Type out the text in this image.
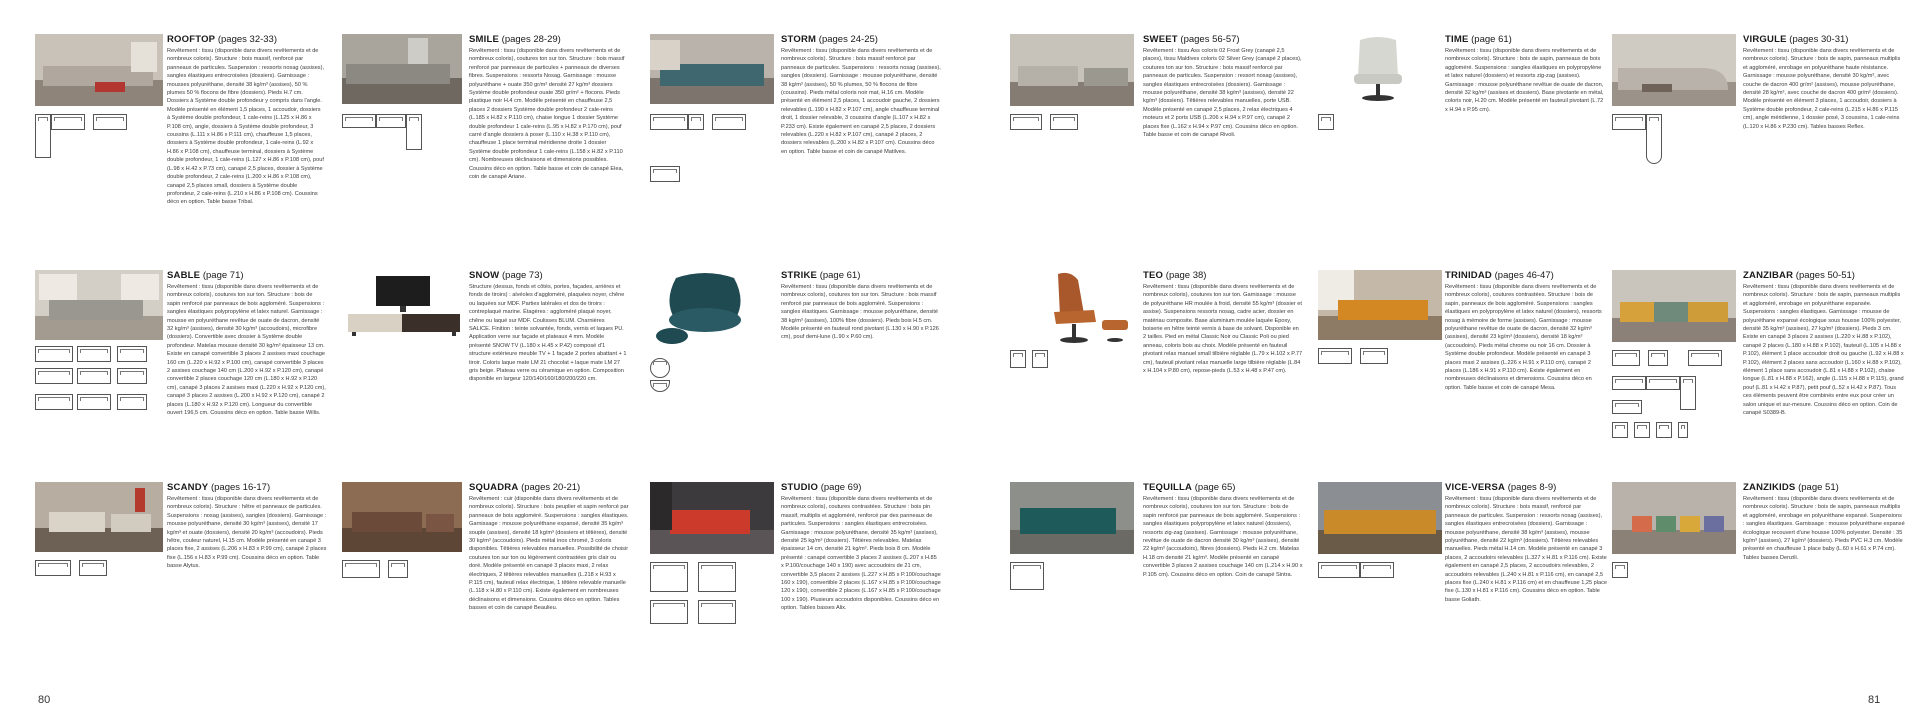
ROOFTOP (pages 32-33)
Revêtement : tissu (disponible dans divers revêtements et de nombreux coloris). Structure : bois massif, renforcé par panneaux de particules. Suspension : ressorts nosag (assises), sangles élastiques entrecroisées (dossiers). Garnissage : mousses polyuréthane, densité 38 kg/m³ (assises), 50 % plumes 50 % flocons de fibre (dossiers). Pieds H.7 cm. Dossiers à Système double profondeur y compris dans l'angle. Modèle présenté en élément 1,5 places, 1 accoudoir, dossiers à Système double profondeur, 1 cale-reins (L.125 x H.86 x P.108 cm), angle, dossiers à Système double profondeur, 3 coussins (L.111 x H.86 x P.111 cm), chauffeuse 1,5 places, dossiers à Système double profondeur, 1 cale-reins (L.92 x H.86 x P.108 cm), chauffeuse terminal, dossiers à Système double profondeur, 1 cale-reins (L.127 x H.86 x P.108 cm), pouf (L.98 x H.42 x P.73 cm), canapé 2,5 places, dossier à Système double profondeur, 2 cale-reins (L.200 x H.86 x P.108 cm), canapé 2,5 places small, dossiers à Système double profondeur, 2 cale-reins (L.210 x H.86 x P.108 cm). Coussins déco en option. Table basse Tribal.
SMILE (pages 28-29)
Revêtement : tissu (disponible dans divers revêtements et de nombreux coloris), coutures ton sur ton. Structure : bois massif renforcé par panneaux de particules + panneaux de diverses fibres. Suspensions : ressorts Nosag. Garnissage : mousse polyuréthane + ouate 350 gr/m² densité 27 kg/m³ dossiers Système double profondeur ouate 350 gr/m² + flocons. Pieds plastique noir H.4 cm. Modèle présenté en chauffeuse 2,5 places 2 dossiers Système double profondeur 2 cale-reins (L.185 x H.82 x P.110 cm), chaise longue 1 dossier Système double profondeur 1 cale-reins (L.95 x H.82 x P.170 cm), pouf carré d'angle dossiers à poser (L.110 x H.38 x P.110 cm), chauffeuse 1 place terminal méridienne droite 1 dossier Système double profondeur 1 cale-reins (L.158 x H.82 x P.110 cm). Nombreuses déclinaisons et dimensions possibles. Coussins déco en option. Table basse et coin de canapé Elea, coin de canapé Ariane.
STORM (pages 24-25)
Revêtement : tissu (disponible dans divers revêtements et de nombreux coloris). Structure : bois massif renforcé par panneaux de particules. Suspensions : ressorts nosag (assises), sangles (dossiers). Garnissage : mousse polyuréthane, densité 38 kg/m³ (assises), 50 % plumes, 50 % flocons de fibre (coussins). Pieds métal coloris noir mat, H.16 cm. Modèle présenté en élément 2,5 places, 1 accoudoir gauche, 2 dossiers relevables (L.190 x H.82 x P.107 cm), angle chauffeuse terminal droit, 1 dossier relevable, 3 coussins d'angle (L.107 x H.82 x P.233 cm). Existe également en canapé 2,5 places, 2 dossiers relevables (L.220 x H.82 x P.107 cm), canapé 2 places, 2 dossiers relevables (L.200 x H.82 x P.107 cm). Coussins déco en option. Table basse et coin de canapé Matilves.
SWEET (pages 56-57)
Revêtement : tissu Ass coloris 02 Frost Grey (canapé 2,5 places), tissu Maldives coloris 02 Silver Grey (canapé 2 places), coutures ton sur ton. Structure : bois massif renforcé par panneaux de particules. Suspension : ressort nosag (assises), sangles élastiques entrecroisées (dossiers). Garnissage : mousse polyuréthane, densité 38 kg/m³ (assises), densité 22 kg/m³ (dossiers). Têtières relevables manuelles, porte USB. Modèle présenté en canapé 2,5 places, 2 relax électriques 4 moteurs et 2 ports USB (L.206 x H.94 x P.97 cm), canapé 2 places fixe (L.162 x H.94 x P.97 cm). Coussins déco en option. Table basse et coin de canapé Rivoli.
TIME (page 61)
Revêtement : tissu (disponible dans divers revêtements et de nombreux coloris). Structure : bois de sapin, panneaux de bois aggloméré. Suspensions : sangles élastiques en polypropylène et latex naturel (dossiers) et ressorts zig-zag (assises). Garnissage : mousse polyuréthane revêtue de ouate de dacron, densité 32 kg/m³ (assises et dossiers). Base pivotante en métal, coloris noir, H.20 cm. Modèle présenté en fauteuil pivotant (L.72 x H.94 x P.95 cm).
VIRGULE (pages 30-31)
Revêtement : tissu (disponible dans divers revêtements et de nombreux coloris). Structure : bois de sapin, panneaux multiplis et aggloméré, enrobage en polyuréthane haute résistance. Garnissage : mousse polyuréthane, densité 30 kg/m³, avec couche de dacron 400 gr/m² (assises), mousse polyuréthane, densité 28 kg/m³, avec couche de dacron 400 gr/m² (dossiers). Modèle présenté en élément 3 places, 1 accoudoir, dossiers à Système double profondeur, 2 cale-reins (L.215 x H.86 x P.115 cm), angle méridienne, 1 dossier posé, 3 coussins, 1 cale-reins (L.120 x H.86 x P.230 cm). Tables basses Reflex.
SABLE (page 71)
Revêtement : tissu (disponible dans divers revêtements et de nombreux coloris), coutures ton sur ton. Structure : bois de sapin renforcé par panneaux de bois aggloméré. Suspensions : sangles élastiques polypropylène et latex naturel. Garnissage : mousse en polyuréthane revêtue de ouate de dacron, densité 32 kg/m³ (assises), densité 30 kg/m³ (accoudoirs), microfibre (dossiers). Convertible avec dossier à Système double profondeur. Matelas mousse densité 30 kg/m³ épaisseur 13 cm. Existe en canapé convertible 3 places 2 assises maxi couchage 160 cm (L.220 x H.92 x P.100 cm), canapé convertible 3 places 2 assises couchage 140 cm (L.200 x H.92 x P.120 cm), canapé convertible 2 places couchage 120 cm (L.180 x H.92 x P.120 cm), canapé 3 places 2 assises maxi (L.220 x H.92 x P.120 cm), canapé 3 places 2 assises (L.200 x H.92 x P.120 cm), canapé 2 places (L.180 x H.92 x P.120 cm). Longueur du convertible ouvert 196,5 cm. Coussins déco en option. Table basse Willis.
SNOW (page 73)
Structure (dessus, fonds et côtés, portes, façades, arrières et fonds de tiroirs) : alvéoles d'aggloméré, plaquées noyer, chêne ou laquées sur MDF. Parties latérales et dos de tiroirs : contreplaqué marine. Étagères : aggloméré plaqué noyer, chêne ou laqué sur MDF. Coulisses BLUM. Charnières SALICE. Finition : teinte solvantée, fonds, vernis et laques PU. Application verre sur façade et plateaux 4 mm. Modèle présenté SNOW TV (L.180 x H.45 x P.42) composé d'1 structure extérieure meuble TV + 1 façade 2 portes abattant + 1 tiroir. Coloris laque mate LM 21 chocolat + laque mate LM 27 gris beige. Plateau verre ou céramique en option. Composition disponible en largeur 120/140/160/180/200/220 cm.
STRIKE (page 61)
Revêtement : tissu (disponible dans divers revêtements et de nombreux coloris), coutures ton sur ton. Structure : bois massif renforcé par panneaux de bois aggloméré. Suspensions : sangles élastiques. Garnissage : mousse polyuréthane, densité 38 kg/m³ (assises), 100% fibre (dossiers). Pieds bois H.5 cm. Modèle présenté en fauteuil rond pivotant (L.130 x H.90 x P.126 cm), pouf demi-lune (L.90 x P.60 cm).
TEO (page 38)
Revêtement : tissu (disponible dans divers revêtements et de nombreux coloris), coutures ton sur ton. Garnissage : mousse de polyuréthane HR moulée à froid, densité 55 kg/m³ (dossier et assise). Suspensions ressorts nosag, cadre acier, dossier en matériau composite. Base aluminium moulée laquée Epoxy, boiserie en hêtre teinté vernis à base de solvant. Disponible en 2 tailles. Pied en métal Classic Noir ou Classic Poli ou pied anneau, coloris bois au choix. Modèle présenté en fauteuil pivotant relax manuel small tilbière réglable (L.79 x H.102 x P.77 cm), fauteuil pivotant relax manuelle large tilbière réglable (L.84 x H.104 x P.80 cm), repose-pieds (L.53 x H.48 x P.47 cm).
TRINIDAD (pages 46-47)
Revêtement : tissu (disponible dans divers revêtements et de nombreux coloris), coutures contrastées. Structure : bois de sapin, panneaux de bois aggloméré. Suspensions : sangles élastiques en polypropylène et latex naturel (dossiers), ressorts nosag à mémoire de forme (assises). Garnissage : mousse polyuréthane revêtue de ouate de dacron, densité 32 kg/m³ (assises), densité 23 kg/m³ (dossiers), densité 18 kg/m³ (accoudoirs). Pieds métal chrome ou noir 16 cm. Dossier à Système double profondeur. Modèle présenté en canapé 3 places maxi 2 assises (L.226 x H.91 x P.110 cm), canapé 2 places (L.186 x H.91 x P.110 cm). Existe également en nombreuses déclinaisons et dimensions. Coussins déco en option. Table basse et coin de canapé Mesa.
ZANZIBAR (pages 50-51)
Revêtement : tissu (disponible dans divers revêtements et de nombreux coloris). Structure : bois de sapin, panneaux multiplis et aggloméré, enrobage en polyuréthane expansée. Suspensions : sangles élastiques. Garnissage : mousse de polyuréthane expansé écologique sous housse 100% polyester, densité 35 kg/m³ (assises), 27 kg/m³ (dossiers). Pieds 3 cm. Existe en canapé 3 places 2 assises (L.220 x H.88 x P.102), canapé 2 places (L.180 x H.88 x P.102), fauteuil (L.105 x H.88 x P.102), élément 1 place accoudoir droit ou gauche (L.92 x H.88 x P.102), élément 2 places sans accoudoir (L.160 x H.88 x P.102), élément 1 place sans accoudoir (L.81 x H.88 x P.102), chaise longue (L.81 x H.88 x P.162), angle (L.115 x H.88 x P.115), grand pouf (L.81 x H.42 x P.87), petit pouf (L.52 x H.42 x P.87). Tous ces éléments peuvent être combinés entre eux pour créer un salon unique et sur-mesure. Coussins déco en option. Coin de canapé S0389-B.
SCANDY (pages 16-17)
Revêtement : tissu (disponible dans divers revêtements et de nombreux coloris). Structure : hêtre et panneaux de particules. Suspensions : nosag (assises), sangles (dossiers). Garnissage : mousse polyuréthane, densité 30 kg/m³ (assises), densité 17 kg/m³ et ouate (dossiers), densité 20 kg/m³ (accoudoirs). Pieds hêtre, couleur naturel, H.15 cm. Modèle présenté en canapé 3 places fixe, 2 assises (L.206 x H.83 x P.99 cm), canapé 2 places fixe (L.156 x H.83 x P.99 cm). Coussins déco en option. Table basse Alytus.
SQUADRA (pages 20-21)
Revêtement : cuir (disponible dans divers revêtements et de nombreux coloris). Structure : bois peuplier et sapin renforcé par panneaux de bois aggloméré. Suspensions : sangles élastiques. Garnissage : mousse polyuréthane expansé, densité 35 kg/m³ souple (assises), densité 18 kg/m³ (dossiers et têtières), densité 30 kg/m³ (accoudoirs). Pieds métal inox chromé, 3 coloris disponibles. Têtières relevables manuelles. Possibilité de choisir coutures ton sur ton ou légèrement contrastées gris clair ou doré. Modèle présenté en canapé 3 places maxi, 2 relax électriques, 2 têtières relevables manuelles (L.218 x H.93 x P.115 cm), fauteuil relax électrique, 1 têtière relevable manuelle (L.118 x H.80 x P.110 cm). Existe également en nombreuses déclinaisons et dimensions. Coussins déco en option. Tables basses et coin de canapé Beaulieu.
STUDIO (page 69)
Revêtement : tissu (disponible dans divers revêtements et de nombreux coloris), coutures contrastées. Structure : bois pin massif, multiplis et aggloméré, renforcé par des panneaux de particules. Suspensions : sangles élastiques entrecroisées. Garnissage : mousse polyuréthane, densité 35 kg/m³ (assises), densité 25 kg/m³ (dossiers). Têtières relevables. Matelas épaisseur 14 cm, densité 21 kg/m³. Pieds bois 8 cm. Modèle présenté : canapé convertible 3 places 2 assises (L.207 x H.85 x P.100/couchage 140 x 190) avec accoudoirs de 21 cm, convertible 3,5 places 2 assises (L.227 x H.85 x P.100/couchage 160 x 190), convertible 2 places (L.167 x H.85 x P.100/couchage 120 x 190), convertible 2 places (L.167 x H.85 x P.100/couchage 100 x 190). Plusieurs accoudoirs disponibles. Coussins déco en option. Tables basses Alix.
TEQUILLA (page 65)
Revêtement : tissu (disponible dans divers revêtements et de nombreux coloris), coutures ton sur ton. Structure : bois de sapin renforcé par panneaux de bois aggloméré. Suspensions : sangles élastiques polypropylène et latex naturel (dossiers), ressorts zig-zag (assises). Garnissage : mousse polyuréthane, revêtue de ouate de dacron densité 30 kg/m³ (assises), densité 22 kg/m³ (accoudoirs), fibres (dossiers). Pieds H.2 cm. Matelas H.18 cm densité 21 kg/m³. Modèle présenté en canapé convertible 3 places 2 assises couchage 140 cm (L.214 x H.90 x P.105 cm). Coussins déco en option. Coin de canapé Sintra.
VICE-VERSA (pages 8-9)
Revêtement : tissu (disponible dans divers revêtements et de nombreux coloris). Structure : bois massif, renforcé par panneaux de particules. Suspension : ressorts nosag (assises), sangles élastiques entrecroisées (dossiers). Garnissage : mousse polyuréthane, densité 38 kg/m³ (assises), mousse polyuréthane, densité 22 kg/m³ (dossiers). Têtières relevables manuelles. Pieds métal H.14 cm. Modèle présenté en canapé 3 places, 2 accoudoirs relevables (L.327 x H.81 x P.116 cm). Existe également en canapé 2,5 places, 2 accoudoirs relevables, 2 accoudoirs relevables (L.240 x H.81 x P.116 cm), en canapé 2,5 places fixe (L.240 x H.81 x P.116 cm) et en chauffeuse 1,25 place fixe (L.130 x H.81 x P.116 cm). Coussins déco en option. Table basse Goliath.
ZANZIKIDS (page 51)
Revêtement : tissu (disponible dans divers revêtements et de nombreux coloris). Structure : bois de sapin, panneaux multiplis et aggloméré, enrobage en polyuréthane expansé. Suspensions : sangles élastiques. Garnissage : mousse polyuréthane expansé écologique recouvert d'une housse 100% polyester. Densité : 35 kg/m³ (assises), 27 kg/m³ (dossiers). Pieds PVC H.3 cm. Modèle présenté en chauffeuse 1 place baby (L.60 x H.61 x P.74 cm). Tables basses Denzili.
80	81
